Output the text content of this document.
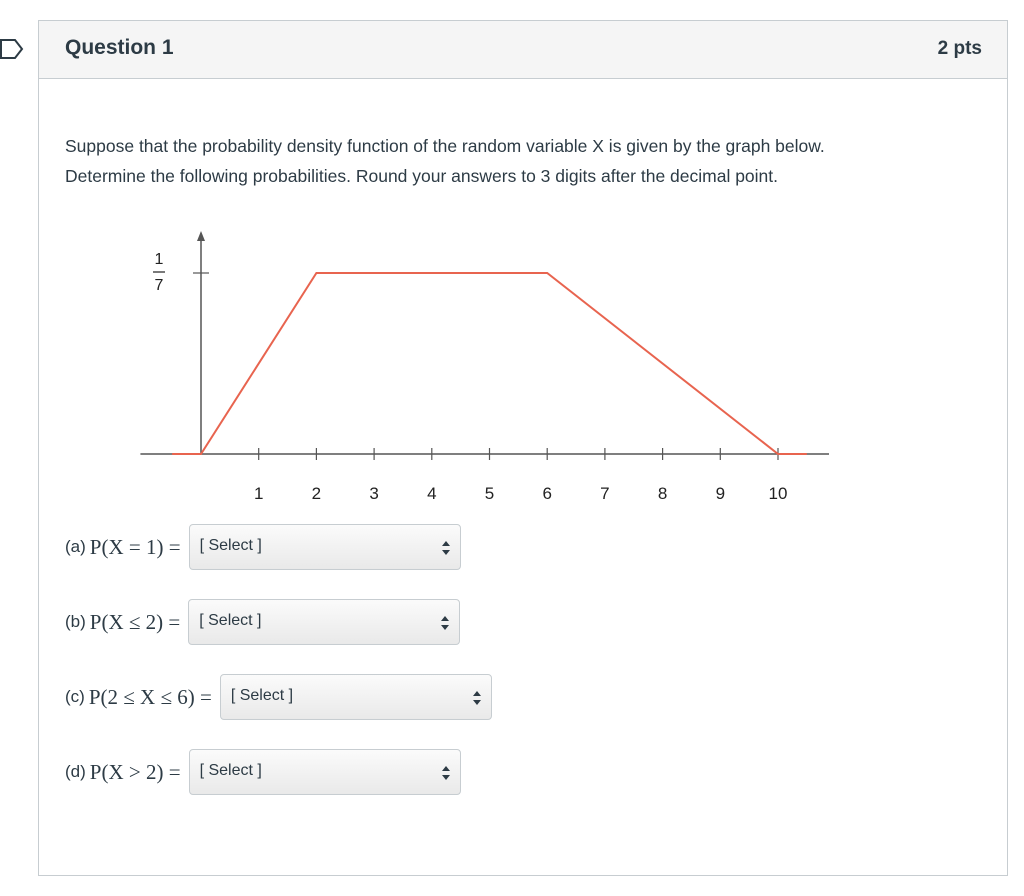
Question 1	2 pts

Suppose that the probability density function of the random variable X is given by the graph below.

Determine the following probabilities. Round your answers to 3 digits after the decimal point.

1
7
1	2	3	4	5	6	7	8	9	10
(a) P(X = 1) = [ Select ]
(b) P(X ≤ 2) = [ Select ]
(c) P(2 ≤ X ≤ 6) = [ Select ]
(d) P(X > 2) = [ Select ]
